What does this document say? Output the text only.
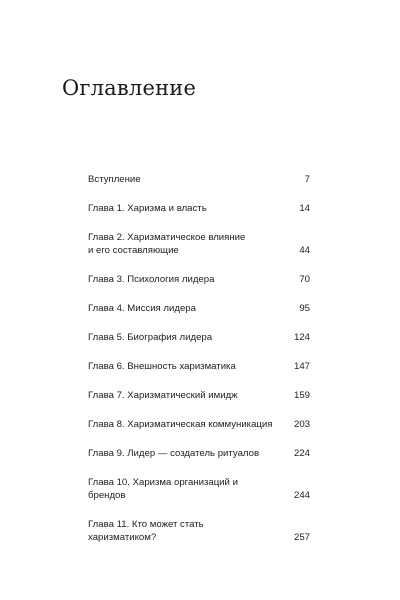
Оглавление
Вступление	7
Глава 1. Харизма и власть	14
Глава 2. Харизматическое влияние
и его составляющие	44
Глава 3. Психология лидера	70
Глава 4. Миссия лидера	95
Глава 5. Биография лидера	124
Глава 6. Внешность харизматика	147
Глава 7. Харизматический имидж	159
Глава 8. Харизматическая коммуникация	203
Глава 9. Лидер — создатель ритуалов	224
Глава 10. Харизма организаций и брендов	244
Глава 11. Кто может стать харизматиком?	257
